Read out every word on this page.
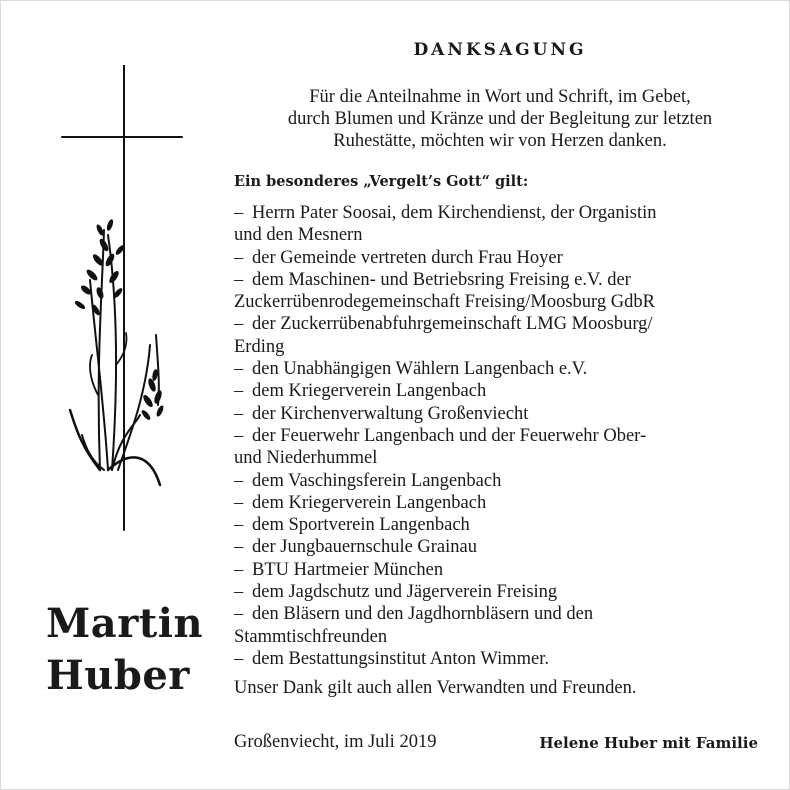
DANKSAGUNG
Für die Anteilnahme in Wort und Schrift, im Gebet,
durch Blumen und Kränze und der Begleitung zur letzten
Ruhestätte, möchten wir von Herzen danken.
Ein besonderes „Vergelt’s Gott“ gilt:
– Herrn Pater Soosai, dem Kirchendienst, der Organistin
und den Mesnern
– der Gemeinde vertreten durch Frau Hoyer
– dem Maschinen- und Betriebsring Freising e.V. der
Zuckerrübenrodegemeinschaft Freising/Moosburg GdbR
– der Zuckerrübenabfuhrgemeinschaft LMG Moosburg/
Erding
– den Unabhängigen Wählern Langenbach e.V.
– dem Kriegerverein Langenbach
– der Kirchenverwaltung Großenviecht
– der Feuerwehr Langenbach und der Feuerwehr Ober-
und Niederhummel
– dem Vaschingsferein Langenbach
– dem Kriegerverein Langenbach
– dem Sportverein Langenbach
– der Jungbauernschule Grainau
– BTU Hartmeier München
– dem Jagdschutz und Jägerverein Freising
– den Bläsern und den Jagdhornbläsern und den
Stammtischfreunden
– dem Bestattungsinstitut Anton Wimmer.
Unser Dank gilt auch allen Verwandten und Freunden.
Martin
Huber
Großenviecht, im Juli 2019	Helene Huber mit Familie
